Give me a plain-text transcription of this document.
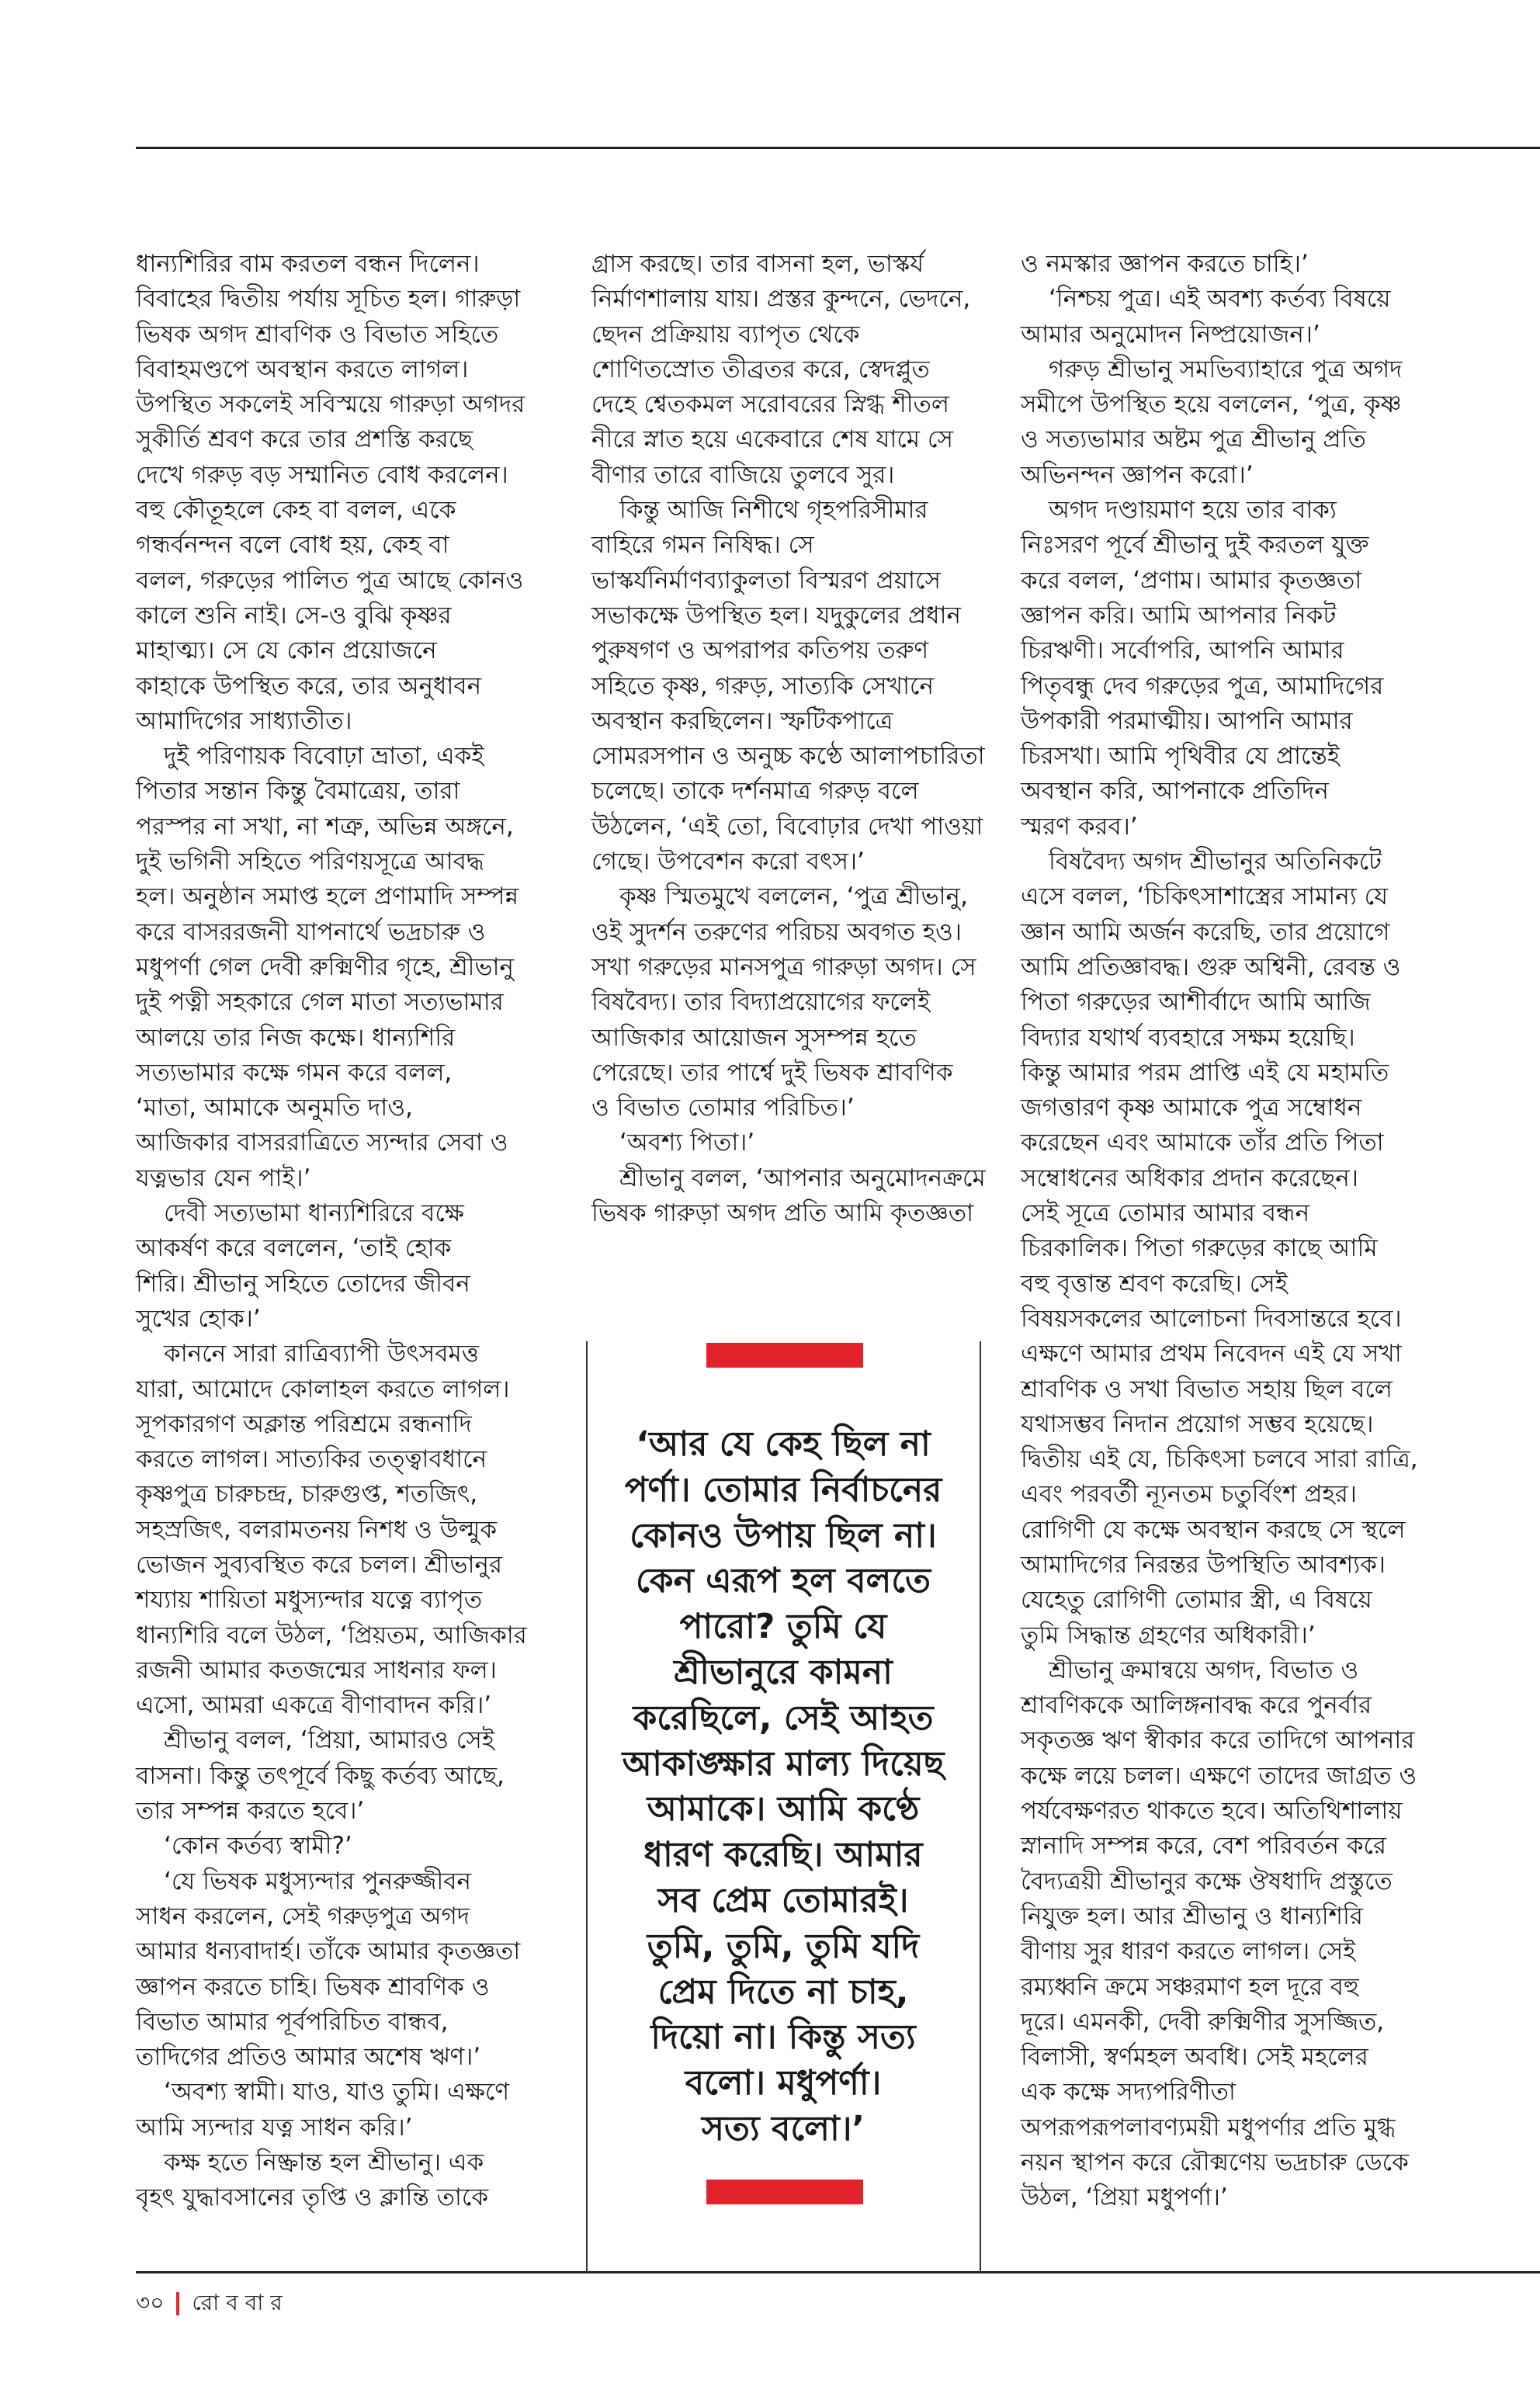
ধান্যশিরির বাম করতল বন্ধন দিলেন।
বিবাহের দ্বিতীয় পর্যায় সূচিত হল। গারুড়া
ভিষক অগদ শ্রাবণিক ও বিভাত সহিতে
বিবাহমণ্ডপে অবস্থান করতে লাগল।
উপস্থিত সকলেই সবিস্ময়ে গারুড়া অগদর
সুকীর্তি শ্রবণ করে তার প্রশস্তি করছে
দেখে গরুড় বড় সম্মানিত বোধ করলেন।
বহু কৌতূহলে কেহ বা বলল, একে
গন্ধর্বনন্দন বলে বোধ হয়, কেহ বা
বলল, গরুড়ের পালিত পুত্র আছে কোনও
কালে শুনি নাই। সে-ও বুঝি কৃষ্ণর
মাহাত্ম্য। সে যে কোন প্রয়োজনে
কাহাকে উপস্থিত করে, তার অনুধাবন
আমাদিগের সাধ্যাতীত।
দুই পরিণায়ক বিবোঢ়া ভ্রাতা, একই
পিতার সন্তান কিন্তু বৈমাত্রেয়, তারা
পরস্পর না সখা, না শত্রু, অভিন্ন অঙ্গনে,
দুই ভগিনী সহিতে পরিণয়সূত্রে আবদ্ধ
হল। অনুষ্ঠান সমাপ্ত হলে প্রণামাদি সম্পন্ন
করে বাসররজনী যাপনার্থে ভদ্রচারু ও
মধুপর্ণা গেল দেবী রুক্মিণীর গৃহে, শ্রীভানু
দুই পত্নী সহকারে গেল মাতা সত্যভামার
আলয়ে তার নিজ কক্ষে। ধান্যশিরি
সত্যভামার কক্ষে গমন করে বলল,
‘মাতা, আমাকে অনুমতি দাও,
আজিকার বাসররাত্রিতে স্যন্দার সেবা ও
যত্নভার যেন পাই।’
দেবী সত্যভামা ধান্যশিরিরে বক্ষে
আকর্ষণ করে বললেন, ‘তাই হোক
শিরি। শ্রীভানু সহিতে তোদের জীবন
সুখের হোক।’
কাননে সারা রাত্রিব্যাপী উৎসবমত্ত
যারা, আমোদে কোলাহল করতে লাগল।
সূপকারগণ অক্লান্ত পরিশ্রমে রন্ধনাদি
করতে লাগল। সাত্যকির তত্ত্বাবধানে
কৃষ্ণপুত্র চারুচন্দ্র, চারুগুপ্ত, শতজিৎ,
সহস্রজিৎ, বলরামতনয় নিশধ ও উল্মুক
ভোজন সুব্যবস্থিত করে চলল। শ্রীভানুর
শয্যায় শায়িতা মধুস্যন্দার যত্নে ব্যাপৃত
ধান্যশিরি বলে উঠল, ‘প্রিয়তম, আজিকার
রজনী আমার কতজন্মের সাধনার ফল।
এসো, আমরা একত্রে বীণাবাদন করি।’
শ্রীভানু বলল, ‘প্রিয়া, আমারও সেই
বাসনা। কিন্তু তৎপূর্বে কিছু কর্তব্য আছে,
তার সম্পন্ন করতে হবে।’
‘কোন কর্তব্য স্বামী?’
‘যে ভিষক মধুস্যন্দার পুনরুজ্জীবন
সাধন করলেন, সেই গরুড়পুত্র অগদ
আমার ধন্যবাদার্হ। তাঁকে আমার কৃতজ্ঞতা
জ্ঞাপন করতে চাহি। ভিষক শ্রাবণিক ও
বিভাত আমার পূর্বপরিচিত বান্ধব,
তাদিগের প্রতিও আমার অশেষ ঋণ।’
‘অবশ্য স্বামী। যাও, যাও তুমি। এক্ষণে
আমি স্যন্দার যত্ন সাধন করি।’
কক্ষ হতে নিষ্ক্রান্ত হল শ্রীভানু। এক
বৃহৎ যুদ্ধাবসানের তৃপ্তি ও ক্লান্তি তাকে
গ্রাস করছে। তার বাসনা হল, ভাস্কর্য
নির্মাণশালায় যায়। প্রস্তর কুন্দনে, ভেদনে,
ছেদন প্রক্রিয়ায় ব্যাপৃত থেকে
শোণিতস্রোত তীব্রতর করে, স্বেদপ্লুত
দেহে শ্বেতকমল সরোবরের স্নিগ্ধ শীতল
নীরে স্নাত হয়ে একেবারে শেষ যামে সে
বীণার তারে বাজিয়ে তুলবে সুর।
কিন্তু আজি নিশীথে গৃহপরিসীমার
বাহিরে গমন নিষিদ্ধ। সে
ভাস্কর্যনির্মাণব্যাকুলতা বিস্মরণ প্রয়াসে
সভাকক্ষে উপস্থিত হল। যদুকুলের প্রধান
পুরুষগণ ও অপরাপর কতিপয় তরুণ
সহিতে কৃষ্ণ, গরুড়, সাত্যকি সেখানে
অবস্থান করছিলেন। স্ফটিকপাত্রে
সোমরসপান ও অনুচ্চ কণ্ঠে আলাপচারিতা
চলেছে। তাকে দর্শনমাত্র গরুড় বলে
উঠলেন, ‘এই তো, বিবোঢ়ার দেখা পাওয়া
গেছে। উপবেশন করো বৎস।’
কৃষ্ণ স্মিতমুখে বললেন, ‘পুত্র শ্রীভানু,
ওই সুদর্শন তরুণের পরিচয় অবগত হও।
সখা গরুড়ের মানসপুত্র গারুড়া অগদ। সে
বিষবৈদ্য। তার বিদ্যাপ্রয়োগের ফলেই
আজিকার আয়োজন সুসম্পন্ন হতে
পেরেছে। তার পার্শ্বে দুই ভিষক শ্রাবণিক
ও বিভাত তোমার পরিচিত।’
‘অবশ্য পিতা।’
শ্রীভানু বলল, ‘আপনার অনুমোদনক্রমে
ভিষক গারুড়া অগদ প্রতি আমি কৃতজ্ঞতা
ও নমস্কার জ্ঞাপন করতে চাহি।’
‘নিশ্চয় পুত্র। এই অবশ্য কর্তব্য বিষয়ে
আমার অনুমোদন নিষ্প্রয়োজন।’
গরুড় শ্রীভানু সমভিব্যাহারে পুত্র অগদ
সমীপে উপস্থিত হয়ে বললেন, ‘পুত্র, কৃষ্ণ
ও সত্যভামার অষ্টম পুত্র শ্রীভানু প্রতি
অভিনন্দন জ্ঞাপন করো।’
অগদ দণ্ডায়মাণ হয়ে তার বাক্য
নিঃসরণ পূর্বে শ্রীভানু দুই করতল যুক্ত
করে বলল, ‘প্রণাম। আমার কৃতজ্ঞতা
জ্ঞাপন করি। আমি আপনার নিকট
চিরঋণী। সর্বোপরি, আপনি আমার
পিতৃবন্ধু দেব গরুড়ের পুত্র, আমাদিগের
উপকারী পরমাত্মীয়। আপনি আমার
চিরসখা। আমি পৃথিবীর যে প্রান্তেই
অবস্থান করি, আপনাকে প্রতিদিন
স্মরণ করব।’
বিষবৈদ্য অগদ শ্রীভানুর অতিনিকটে
এসে বলল, ‘চিকিৎসাশাস্ত্রের সামান্য যে
জ্ঞান আমি অর্জন করেছি, তার প্রয়োগে
আমি প্রতিজ্ঞাবদ্ধ। গুরু অশ্বিনী, রেবন্ত ও
পিতা গরুড়ের আশীর্বাদে আমি আজি
বিদ্যার যথার্থ ব্যবহারে সক্ষম হয়েছি।
কিন্তু আমার পরম প্রাপ্তি এই যে মহামতি
জগত্তারণ কৃষ্ণ আমাকে পুত্র সম্বোধন
করেছেন এবং আমাকে তাঁর প্রতি পিতা
সম্বোধনের অধিকার প্রদান করেছেন।
সেই সূত্রে তোমার আমার বন্ধন
চিরকালিক। পিতা গরুড়ের কাছে আমি
বহু বৃত্তান্ত শ্রবণ করেছি। সেই
বিষয়সকলের আলোচনা দিবসান্তরে হবে।
এক্ষণে আমার প্রথম নিবেদন এই যে সখা
শ্রাবণিক ও সখা বিভাত সহায় ছিল বলে
যথাসম্ভব নিদান প্রয়োগ সম্ভব হয়েছে।
দ্বিতীয় এই যে, চিকিৎসা চলবে সারা রাত্রি,
এবং পরবর্তী ন্যূনতম চতুর্বিংশ প্রহর।
রোগিণী যে কক্ষে অবস্থান করছে সে স্থলে
আমাদিগের নিরন্তর উপস্থিতি আবশ্যক।
যেহেতু রোগিণী তোমার স্ত্রী, এ বিষয়ে
তুমি সিদ্ধান্ত গ্রহণের অধিকারী।’
শ্রীভানু ক্রমান্বয়ে অগদ, বিভাত ও
শ্রাবণিককে আলিঙ্গনাবদ্ধ করে পুনর্বার
সকৃতজ্ঞ ঋণ স্বীকার করে তাদিগে আপনার
কক্ষে লয়ে চলল। এক্ষণে তাদের জাগ্রত ও
পর্যবেক্ষণরত থাকতে হবে। অতিথিশালায়
স্নানাদি সম্পন্ন করে, বেশ পরিবর্তন করে
বৈদ্যত্রয়ী শ্রীভানুর কক্ষে ঔষধাদি প্রস্তুতে
নিযুক্ত হল। আর শ্রীভানু ও ধান্যশিরি
বীণায় সুর ধারণ করতে লাগল। সেই
রম্যধ্বনি ক্রমে সঞ্চরমাণ হল দূরে বহু
দূরে। এমনকী, দেবী রুক্মিণীর সুসজ্জিত,
বিলাসী, স্বর্ণমহল অবধি। সেই মহলের
এক কক্ষে সদ্যপরিণীতা
অপরূপরূপলাবণ্যময়ী মধুপর্ণার প্রতি মুগ্ধ
নয়ন স্থাপন করে রৌক্মণেয় ভদ্রচারু ডেকে
উঠল, ‘প্রিয়া মধুপর্ণা।’
‘আর যে কেহ ছিল না
পর্ণা। তোমার নির্বাচনের
কোনও উপায় ছিল না।
কেন এরূপ হল বলতে
পারো? তুমি যে
শ্রীভানুরে কামনা
করেছিলে, সেই আহত
আকাঙ্ক্ষার মাল্য দিয়েছ
আমাকে। আমি কণ্ঠে
ধারণ করেছি। আমার
সব প্রেম তোমারই।
তুমি, তুমি, তুমি যদি
প্রেম দিতে না চাহ,
দিয়ো না। কিন্তু সত্য
বলো। মধুপর্ণা।
সত্য বলো।’
৩০ রো ব বা র
